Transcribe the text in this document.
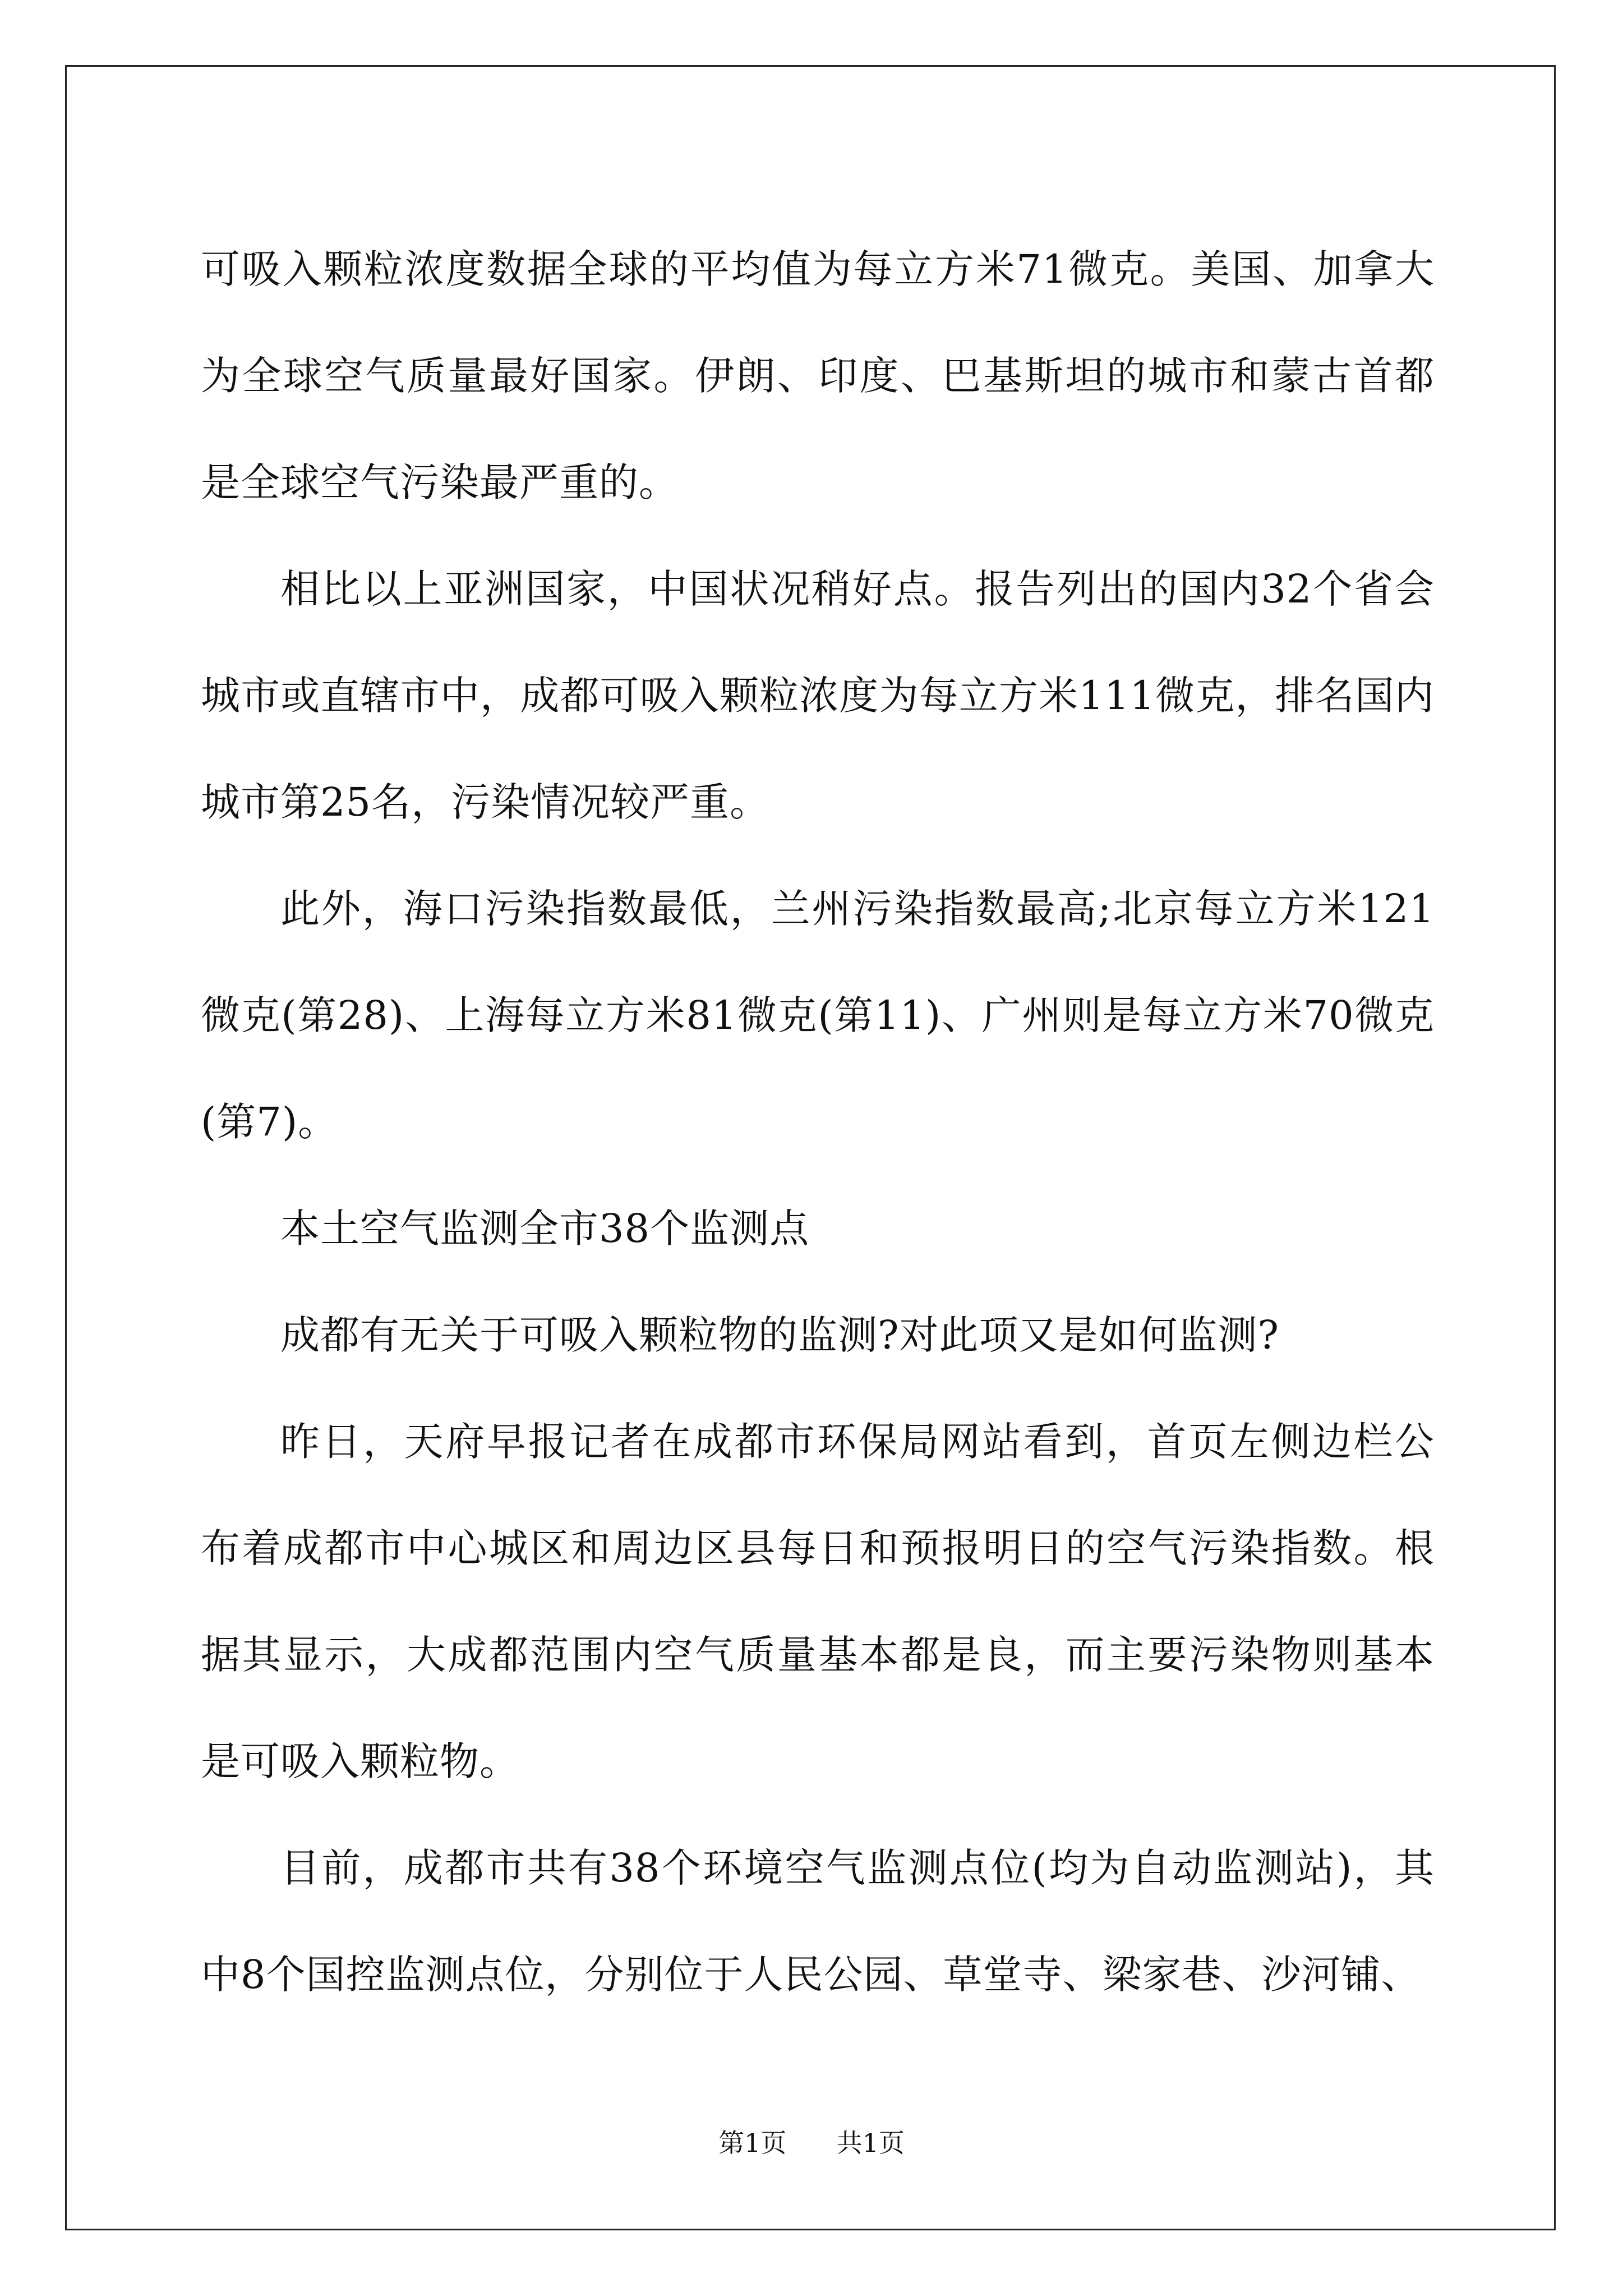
可吸入颗粒浓度数据全球的平均值为每立方米71微克。美国、加拿大为全球空气质量最好国家。伊朗、印度、巴基斯坦的城市和蒙古首都是全球空气污染最严重的。

相比以上亚洲国家，中国状况稍好点。报告列出的国内32个省会城市或直辖市中，成都可吸入颗粒浓度为每立方米111微克，排名国内城市第25名，污染情况较严重。

此外，海口污染指数最低，兰州污染指数最高;北京每立方米121微克(第28)、上海每立方米81微克(第11)、广州则是每立方米70微克(第7)。

本土空气监测全市38个监测点

成都有无关于可吸入颗粒物的监测?对此项又是如何监测?

昨日，天府早报记者在成都市环保局网站看到，首页左侧边栏公布着成都市中心城区和周边区县每日和预报明日的空气污染指数。根据其显示，大成都范围内空气质量基本都是良，而主要污染物则基本是可吸入颗粒物。

目前，成都市共有38个环境空气监测点位(均为自动监测站)，其中8个国控监测点位，分别位于人民公园、草堂寺、梁家巷、沙河铺、

第1页 共1页
